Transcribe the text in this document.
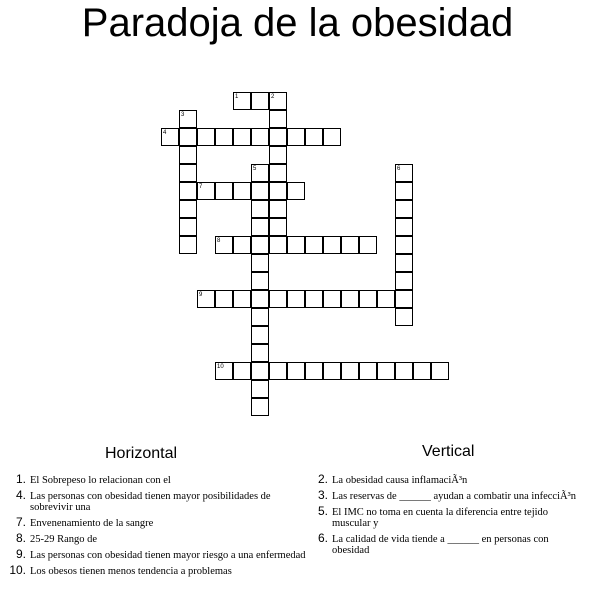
Paradoja de la obesidad
1	2
3
4
5	6
7
8
9
10
Horizontal	Vertical
1. El Sobrepeso lo relacionan con el
4. Las personas con obesidad tienen mayor posibilidades de sobrevivir una
7. Envenenamiento de la sangre
8. 25-29 Rango de
9. Las personas con obesidad tienen mayor riesgo a una enfermedad
10. Los obesos tienen menos tendencia a problemas
2. La obesidad causa inflamaciÃ³n
3. Las reservas de ______ ayudan a combatir una infecciÃ³n
5. El IMC no toma en cuenta la diferencia entre tejido muscular y
6. La calidad de vida tiende a ______ en personas con obesidad
